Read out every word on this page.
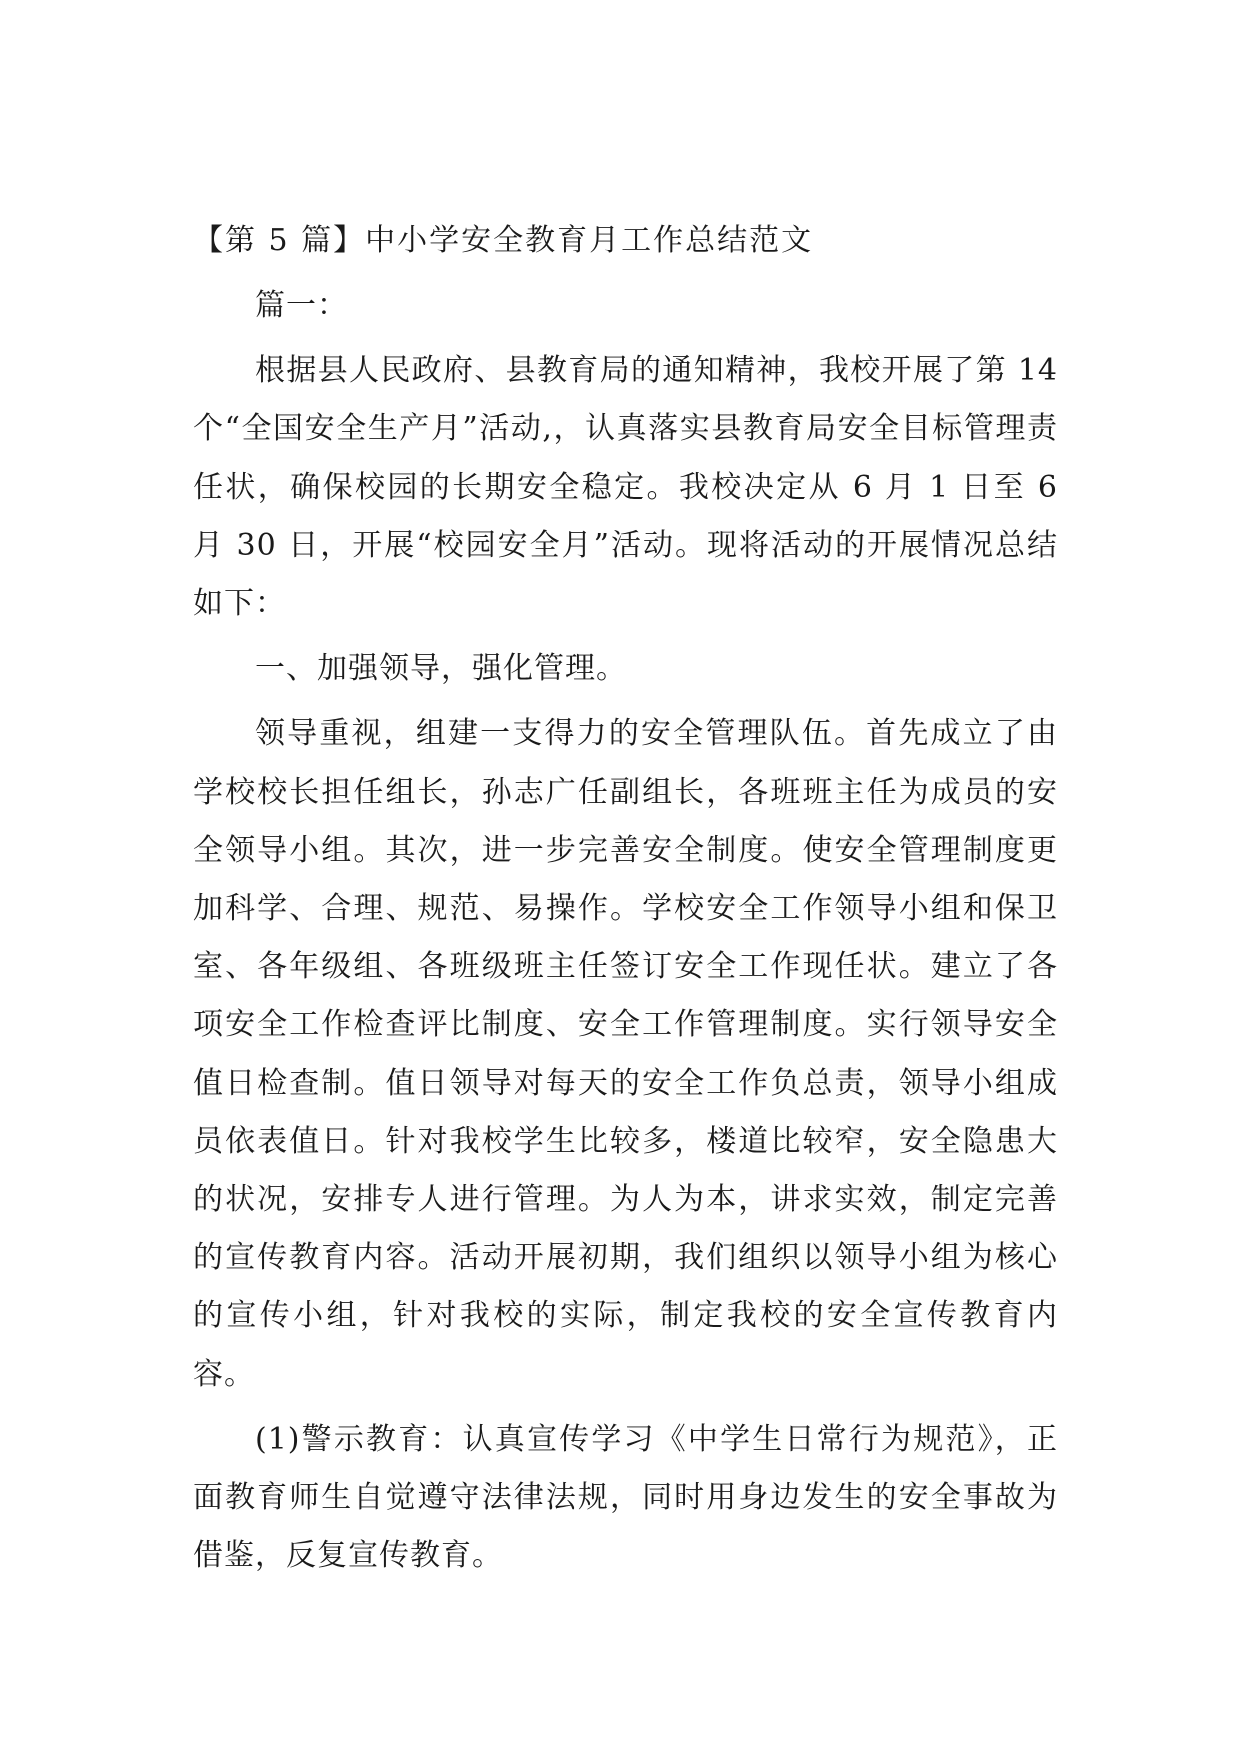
【第 5 篇】中小学安全教育月工作总结范文

篇一：

根据县人民政府、县教育局的通知精神，我校开展了第 14 个“全国安全生产月”活动,，认真落实县教育局安全目标管理责任状，确保校园的长期安全稳定。我校决定从 6 月 1 日至 6 月 30 日，开展“校园安全月”活动。现将活动的开展情况总结如下：

一、加强领导，强化管理。

领导重视，组建一支得力的安全管理队伍。首先成立了由学校校长担任组长，孙志广任副组长，各班班主任为成员的安全领导小组。其次，进一步完善安全制度。使安全管理制度更加科学、合理、规范、易操作。学校安全工作领导小组和保卫室、各年级组、各班级班主任签订安全工作现任状。建立了各项安全工作检查评比制度、安全工作管理制度。实行领导安全值日检查制。值日领导对每天的安全工作负总责，领导小组成员依表值日。针对我校学生比较多，楼道比较窄，安全隐患大的状况，安排专人进行管理。为人为本，讲求实效，制定完善的宣传教育内容。活动开展初期，我们组织以领导小组为核心的宣传小组，针对我校的实际，制定我校的安全宣传教育内容。

(1)警示教育：认真宣传学习《中学生日常行为规范》，正面教育师生自觉遵守法律法规，同时用身边发生的安全事故为借鉴，反复宣传教育。
